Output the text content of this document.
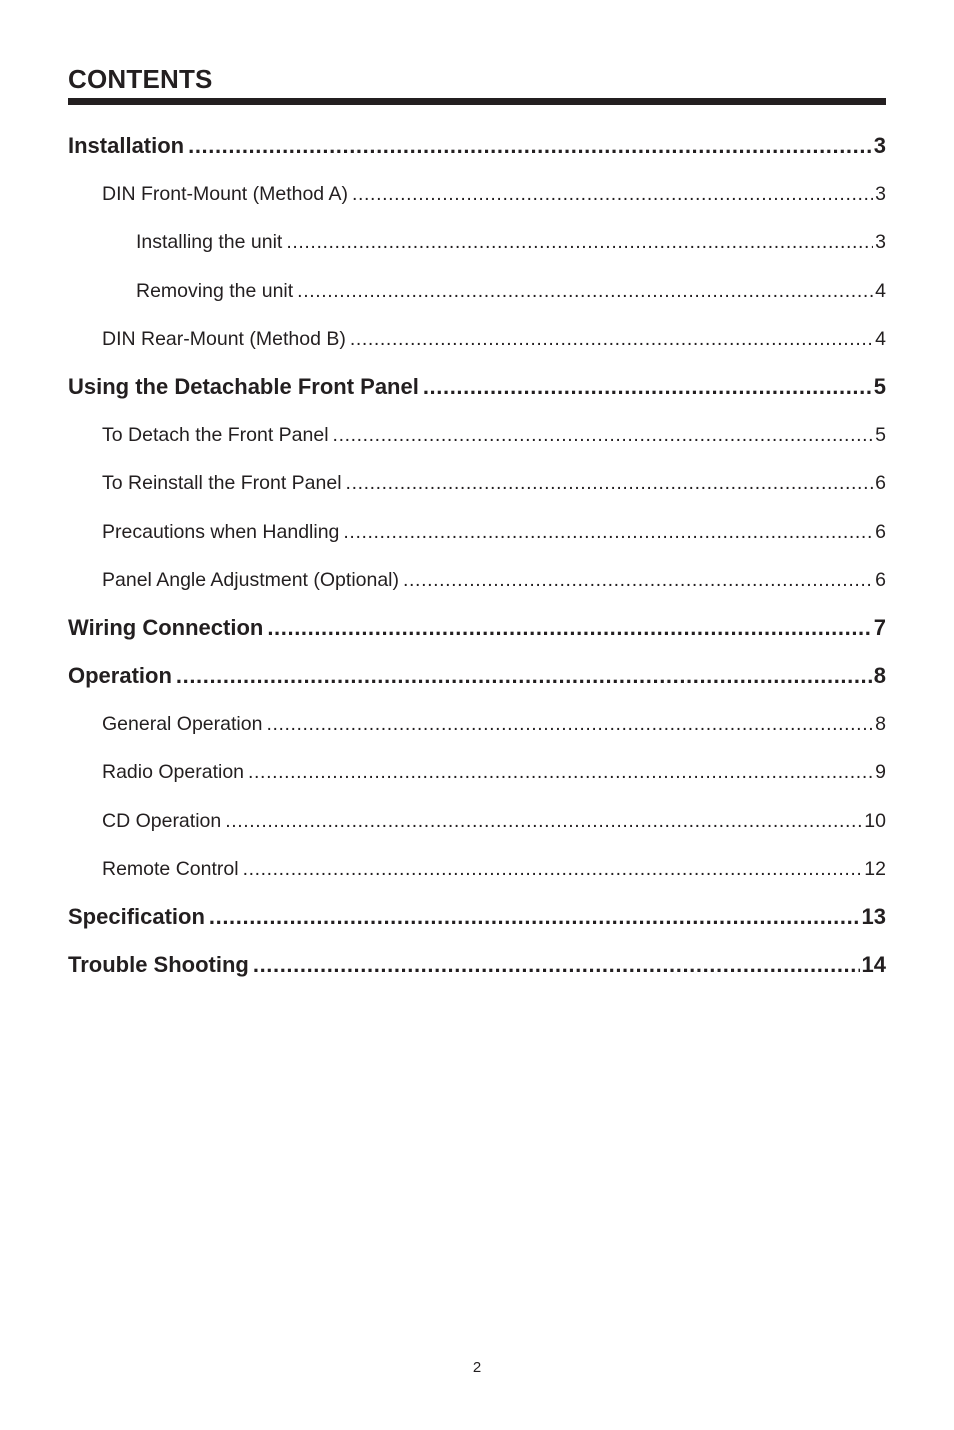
CONTENTS
Installation .....	3
DIN Front-Mount (Method A) .....	3
Installing the unit .....	3
Removing the unit .....	4
DIN Rear-Mount (Method B) .....	4
Using the Detachable Front Panel .....	5
To Detach the Front Panel .....	5
To Reinstall the Front Panel .....	6
Precautions when Handling .....	6
Panel Angle Adjustment (Optional) .....	6
Wiring Connection .....	7
Operation .....	8
General Operation .....	8
Radio Operation .....	9
CD Operation .....	10
Remote Control .....	12
Specification .....	13
Trouble Shooting .....	14
2
